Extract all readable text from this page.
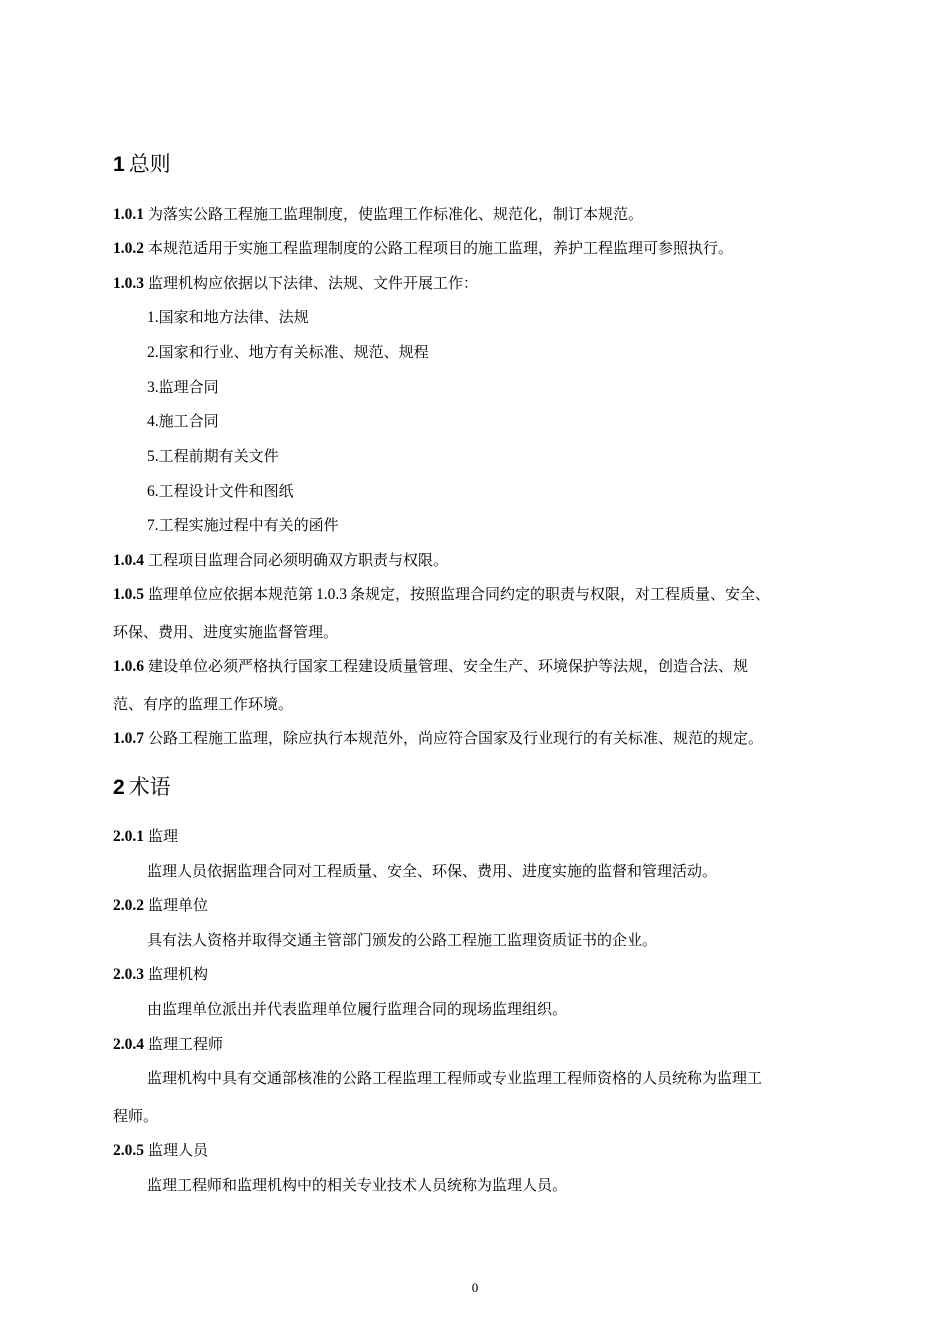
1 总则
1.0.1 为落实公路工程施工监理制度，使监理工作标准化、规范化，制订本规范。
1.0.2 本规范适用于实施工程监理制度的公路工程项目的施工监理，养护工程监理可参照执行。
1.0.3 监理机构应依据以下法律、法规、文件开展工作：
1.国家和地方法律、法规
2.国家和行业、地方有关标准、规范、规程
3.监理合同
4.施工合同
5.工程前期有关文件
6.工程设计文件和图纸
7.工程实施过程中有关的函件
1.0.4 工程项目监理合同必须明确双方职责与权限。
1.0.5 监理单位应依据本规范第 1.0.3 条规定，按照监理合同约定的职责与权限，对工程质量、安全、
环保、费用、进度实施监督管理。
1.0.6 建设单位必须严格执行国家工程建设质量管理、安全生产、环境保护等法规，创造合法、规
范、有序的监理工作环境。
1.0.7 公路工程施工监理，除应执行本规范外，尚应符合国家及行业现行的有关标准、规范的规定。
2 术语
2.0.1 监理
监理人员依据监理合同对工程质量、安全、环保、费用、进度实施的监督和管理活动。
2.0.2 监理单位
具有法人资格并取得交通主管部门颁发的公路工程施工监理资质证书的企业。
2.0.3 监理机构
由监理单位派出并代表监理单位履行监理合同的现场监理组织。
2.0.4 监理工程师
监理机构中具有交通部核准的公路工程监理工程师或专业监理工程师资格的人员统称为监理工
程师。
2.0.5 监理人员
监理工程师和监理机构中的相关专业技术人员统称为监理人员。
0
